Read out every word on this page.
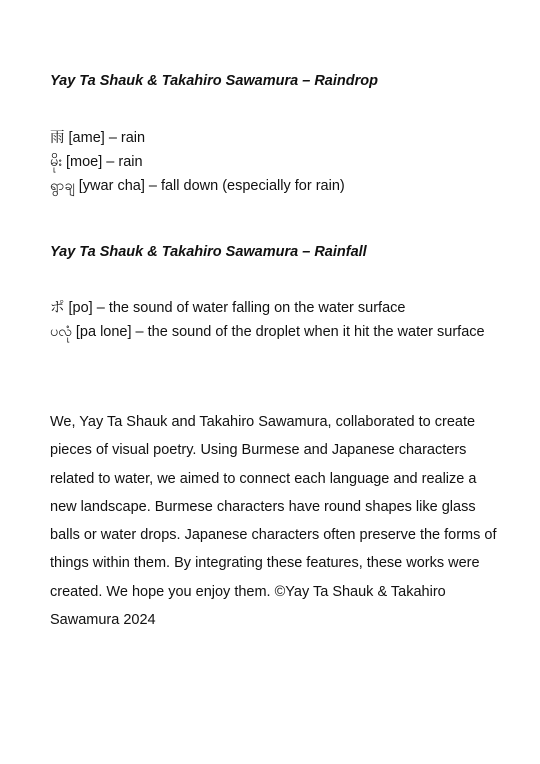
Yay Ta Shauk & Takahiro Sawamura – Raindrop
雨 [ame] – rain
မိုး [moe] – rain
ရွာချ [ywar cha] – fall down (especially for rain)
Yay Ta Shauk & Takahiro Sawamura – Rainfall
ポ [po] – the sound of water falling on the water surface
ပလုံ [pa lone] – the sound of the droplet when it hit the water surface
We, Yay Ta Shauk and Takahiro Sawamura, collaborated to create pieces of visual poetry. Using Burmese and Japanese characters related to water, we aimed to connect each language and realize a new landscape. Burmese characters have round shapes like glass balls or water drops. Japanese characters often preserve the forms of things within them. By integrating these features, these works were created. We hope you enjoy them. ©Yay Ta Shauk & Takahiro Sawamura 2024
